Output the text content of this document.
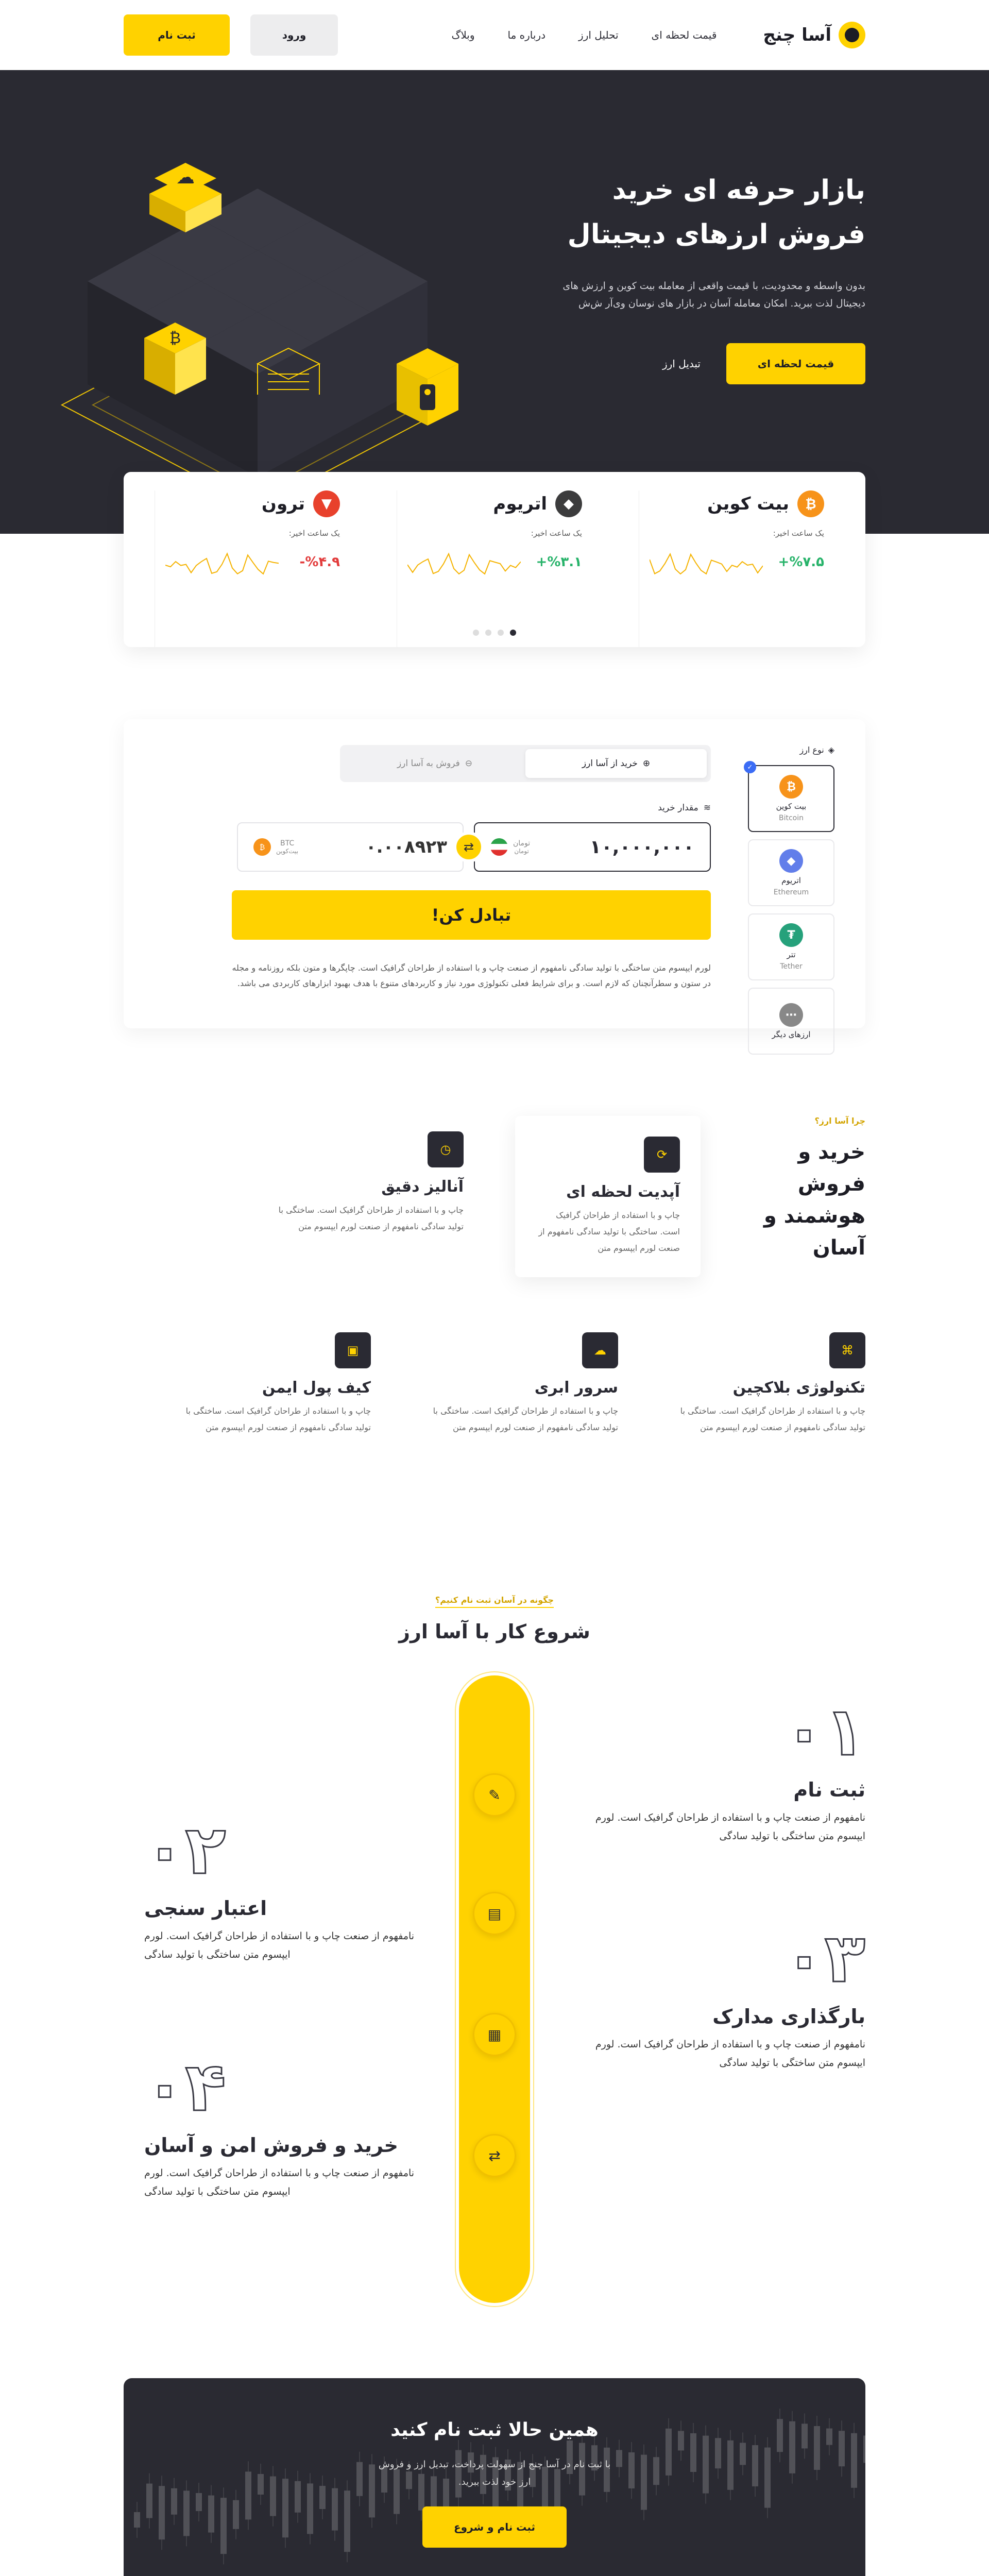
آسا چنج
قیمت لحظه ای
تحلیل ارز
درباره ما
وبلاگ
ورود
ثبت نام
☁
₿
بازار حرفه ای خرید فروش ارزهای دیجیتال

بدون واسطه و محدودیت، با قیمت واقعی از معامله بیت کوین و ارزش های دیجیتال لذت ببرید. امکان معامله آسان در بازار های نوسان وی‌آر ش‌ش

قیمت لحظه ای
تبدیل ارز
₿
بیت کوین
یک ساعت اخیر:
%۷.۵+
◆
اتریوم
یک ساعت اخیر:
%۳.۱+
▼
ترون
یک ساعت اخیر:
%۴.۹-
◈
نوع ارز
✓
₿
بیت کوین
Bitcoin
◆
اتریوم
Ethereum
₮
تتر
Tether
⋯
ارزهای دیگر
⊕
خرید از آسا ارز
⊖
فروش به آسا ارز
≋
مقدار خرید
۱۰,۰۰۰,۰۰۰
تومان
تومان
⇄
۰.۰۰۸۹۲۳
BTC
بیت‌کوین
₿
تبادل کن!

لورم ایپسوم متن ساختگی با تولید سادگی نامفهوم از صنعت چاپ و با استفاده از طراحان گرافیک است. چاپگرها و متون بلکه روزنامه و مجله در ستون و سطرآنچنان که لازم است. و برای شرایط فعلی تکنولوژی مورد نیاز و کاربردهای متنوع با هدف بهبود ابزارهای کاربردی می باشد.

چرا آسا ارز؟
خرید و فروش هوشمند و آسان
⟳
آپدیت لحظه ای
چاپ و با استفاده از طراحان گرافیک است. ساختگی با تولید سادگی نامفهوم از صنعت لورم ایپسوم متن
◷
آنالیز دقیق
چاپ و با استفاده از طراحان گرافیک است. ساختگی با تولید سادگی نامفهوم از صنعت لورم ایپسوم متن
⌘
تکنولوژی بلاکچین
چاپ و با استفاده از طراحان گرافیک است. ساختگی با تولید سادگی نامفهوم از صنعت لورم ایپسوم متن
☁
سرور ابری
چاپ و با استفاده از طراحان گرافیک است. ساختگی با تولید سادگی نامفهوم از صنعت لورم ایپسوم متن
▣
کیف پول ایمن
چاپ و با استفاده از طراحان گرافیک است. ساختگی با تولید سادگی نامفهوم از صنعت لورم ایپسوم متن
چگونه در آسان ثبت نام کنیم؟
شروع کار با آسا ارز
✎
▤
▦
⇄
۰۱
ثبت نام
نامفهوم از صنعت چاپ و با استفاده از طراحان گرافیک است. لورم ایپسوم متن ساختگی با تولید سادگی
۰۲
اعتبار سنجی
نامفهوم از صنعت چاپ و با استفاده از طراحان گرافیک است. لورم ایپسوم متن ساختگی با تولید سادگی	۰۳
بارگذاری مدارک
نامفهوم از صنعت چاپ و با استفاده از طراحان گرافیک است. لورم ایپسوم متن ساختگی با تولید سادگی
۰۴
خرید و فروش امن و آسان
نامفهوم از صنعت چاپ و با استفاده از طراحان گرافیک است. لورم ایپسوم متن ساختگی با تولید سادگی
همین حالا ثبت نام کنید

با ثبت نام در آسا چنج از سهولت پرداخت، تبدیل ارز و فروش ارز خود لذت ببرید.

ثبت نام و شروع
